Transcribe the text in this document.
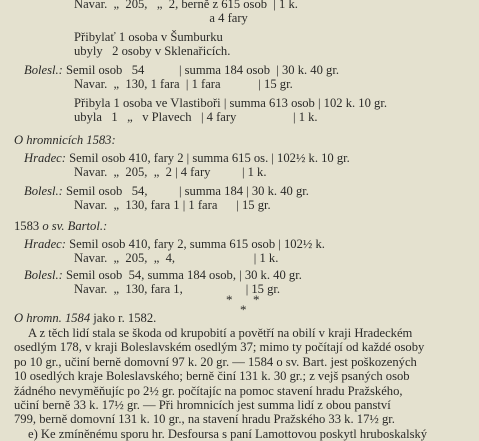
Navar.  „  205,   „  2, berně z 615 osob  | 1 k.
a 4 fary
Přibylať 1 osoba v Šumburku
ubyly   2 osoby v Sklenařicích.
Bolesl.: Semil osob   54           | summa 184 osob  | 30 k. 40 gr.
Navar.  „  130, 1 fara  | 1 fara            | 15 gr.
Přibyla 1 osoba ve Vlastiboři | summa 613 osob | 102 k. 10 gr.
ubyla   1   „   v Plavech   | 4 fary                  | 1 k.
O hromnicích 1583:
Hradec: Semil osob 410, fary 2 | summa 615 os. | 102½ k. 10 gr.
Navar.  „  205,  „  2 | 4 fary          | 1 k.
Bolesl.: Semil osob   54,          | summa 184 | 30 k. 40 gr.
Navar.  „  130, fara 1 | 1 fara      | 15 gr.
1583 o sv. Bartol.:
Hradec: Semil osob 410, fary 2, summa 615 osob | 102½ k.
Navar.  „  205,  „  4,                         | 1 k.
Bolesl.: Semil osob  54, summa 184 osob, | 30 k. 40 gr.
Navar.  „  130, fara 1,                    | 15 gr.
* *
*
O hromn. 1584 jako r. 1582.
A z těch lidí stala se škoda od krupobití a povětří na obilí v kraji Hradeckém
osedlým 178, v kraji Boleslavském osedlým 37; mimo ty počítají od každé osoby
po 10 gr., učiní berně domovní 97 k. 20 gr. — 1584 o sv. Bart. jest poškozených
10 osedlých kraje Boleslavského; berně činí 131 k. 30 gr.; z vejš psaných osob
žádného nevyměňujíc po 2½ gr. počítajíc na pomoc stavení hradu Pražského,
učiní berně 33 k. 17½ gr. — Při hromnicích jest summa lidí z obou panství
799, berně domovní 131 k. 10 gr., na stavení hradu Pražského 33 k. 17½ gr.
e) Ke zmíněnému sporu hr. Desfoursa s paní Lamottovou poskytl hruboskalský
